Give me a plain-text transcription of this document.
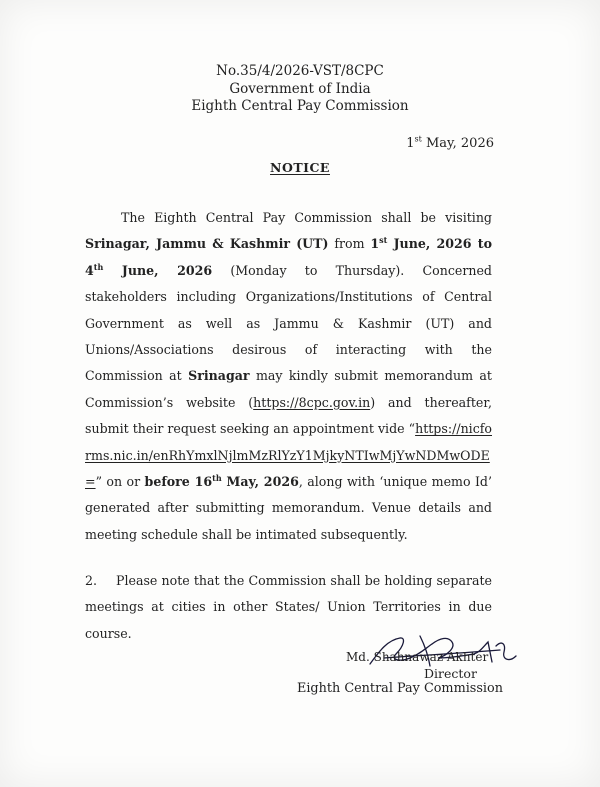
No.35/4/2026-VST/8CPC
Government of India
Eighth Central Pay Commission
1st May, 2026
NOTICE
The Eighth Central Pay Commission shall be visiting Srinagar, Jammu & Kashmir (UT) from 1st June, 2026 to 4th June, 2026 (Monday to Thursday). Concerned stakeholders including Organizations/Institutions of Central Government as well as Jammu & Kashmir (UT) and Unions/Associations desirous of interacting with the Commission at Srinagar may kindly submit memorandum at Commission’s website (https://8cpc.gov.in) and thereafter, submit their request seeking an appointment vide “https://nicforms.nic.in/enRhYmxlNjlmMzRlYzY1MjkyNTIwMjYwNDMwODE=” on or before 16th May, 2026, along with ‘unique memo Id’ generated after submitting memorandum. Venue details and meeting schedule shall be intimated subsequently.
2. Please note that the Commission shall be holding separate meetings at cities in other States/ Union Territories in due course.
Md. Shahnawaz Akhter
Director
Eighth Central Pay Commission
